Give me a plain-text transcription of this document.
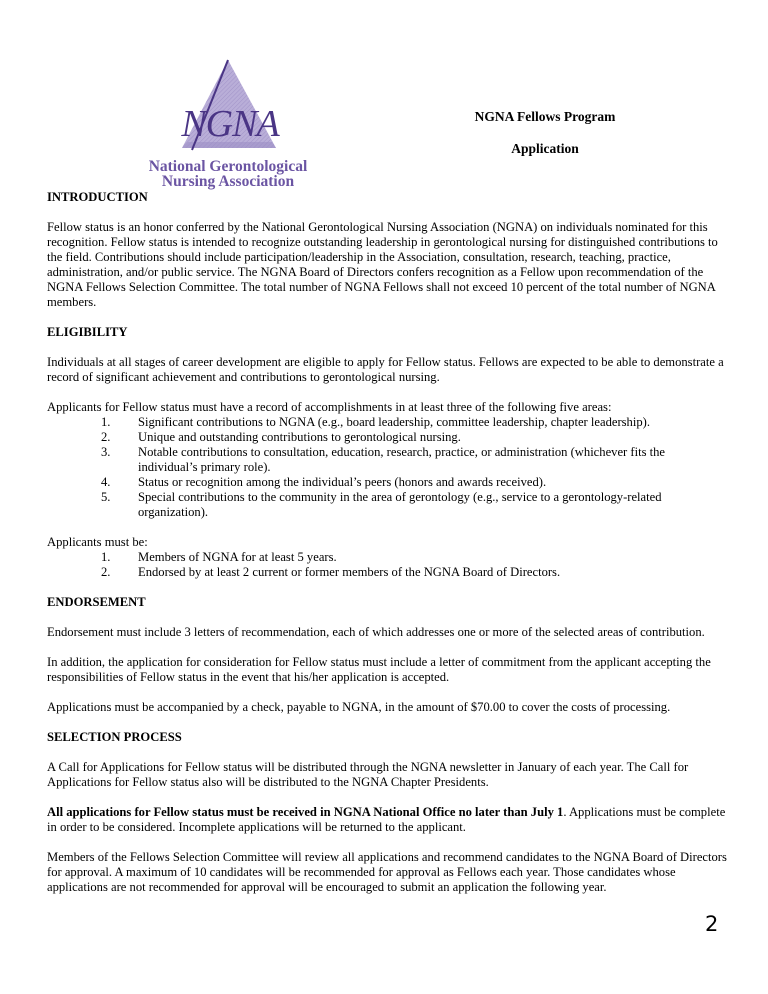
NGNA
National Gerontological
Nursing Association
NGNA Fellows Program
Application
INTRODUCTION

Fellow status is an honor conferred by the National Gerontological Nursing Association (NGNA) on individuals nominated for this recognition. Fellow status is intended to recognize outstanding leadership in gerontological nursing for distinguished contributions to the field. Contributions should include participation/leadership in the Association, consultation, research, teaching, practice, administration, and/or public service. The NGNA Board of Directors confers recognition as a Fellow upon recommendation of the NGNA Fellows Selection Committee. The total number of NGNA Fellows shall not exceed 10 percent of the total number of NGNA members.

ELIGIBILITY

Individuals at all stages of career development are eligible to apply for Fellow status. Fellows are expected to be able to demonstrate a record of significant achievement and contributions to gerontological nursing.

Applicants for Fellow status must have a record of accomplishments in at least three of the following five areas:

1. Significant contributions to NGNA (e.g., board leadership, committee leadership, chapter leadership).
2. Unique and outstanding contributions to gerontological nursing.
3. Notable contributions to consultation, education, research, practice, or administration (whichever fits the individual’s primary role).
4. Status or recognition among the individual’s peers (honors and awards received).
5. Special contributions to the community in the area of gerontology (e.g., service to a gerontology-related organization).

Applicants must be:

1. Members of NGNA for at least 5 years.
2. Endorsed by at least 2 current or former members of the NGNA Board of Directors.
ENDORSEMENT

Endorsement must include 3 letters of recommendation, each of which addresses one or more of the selected areas of contribution.

In addition, the application for consideration for Fellow status must include a letter of commitment from the applicant accepting the responsibilities of Fellow status in the event that his/her application is accepted.

Applications must be accompanied by a check, payable to NGNA, in the amount of $70.00 to cover the costs of processing.

SELECTION PROCESS

A Call for Applications for Fellow status will be distributed through the NGNA newsletter in January of each year. The Call for Applications for Fellow status also will be distributed to the NGNA Chapter Presidents.

All applications for Fellow status must be received in NGNA National Office no later than July 1. Applications must be complete in order to be considered. Incomplete applications will be returned to the applicant.

Members of the Fellows Selection Committee will review all applications and recommend candidates to the NGNA Board of Directors for approval. A maximum of 10 candidates will be recommended for approval as Fellows each year. Those candidates whose applications are not recommended for approval will be encouraged to submit an application the following year.

2
